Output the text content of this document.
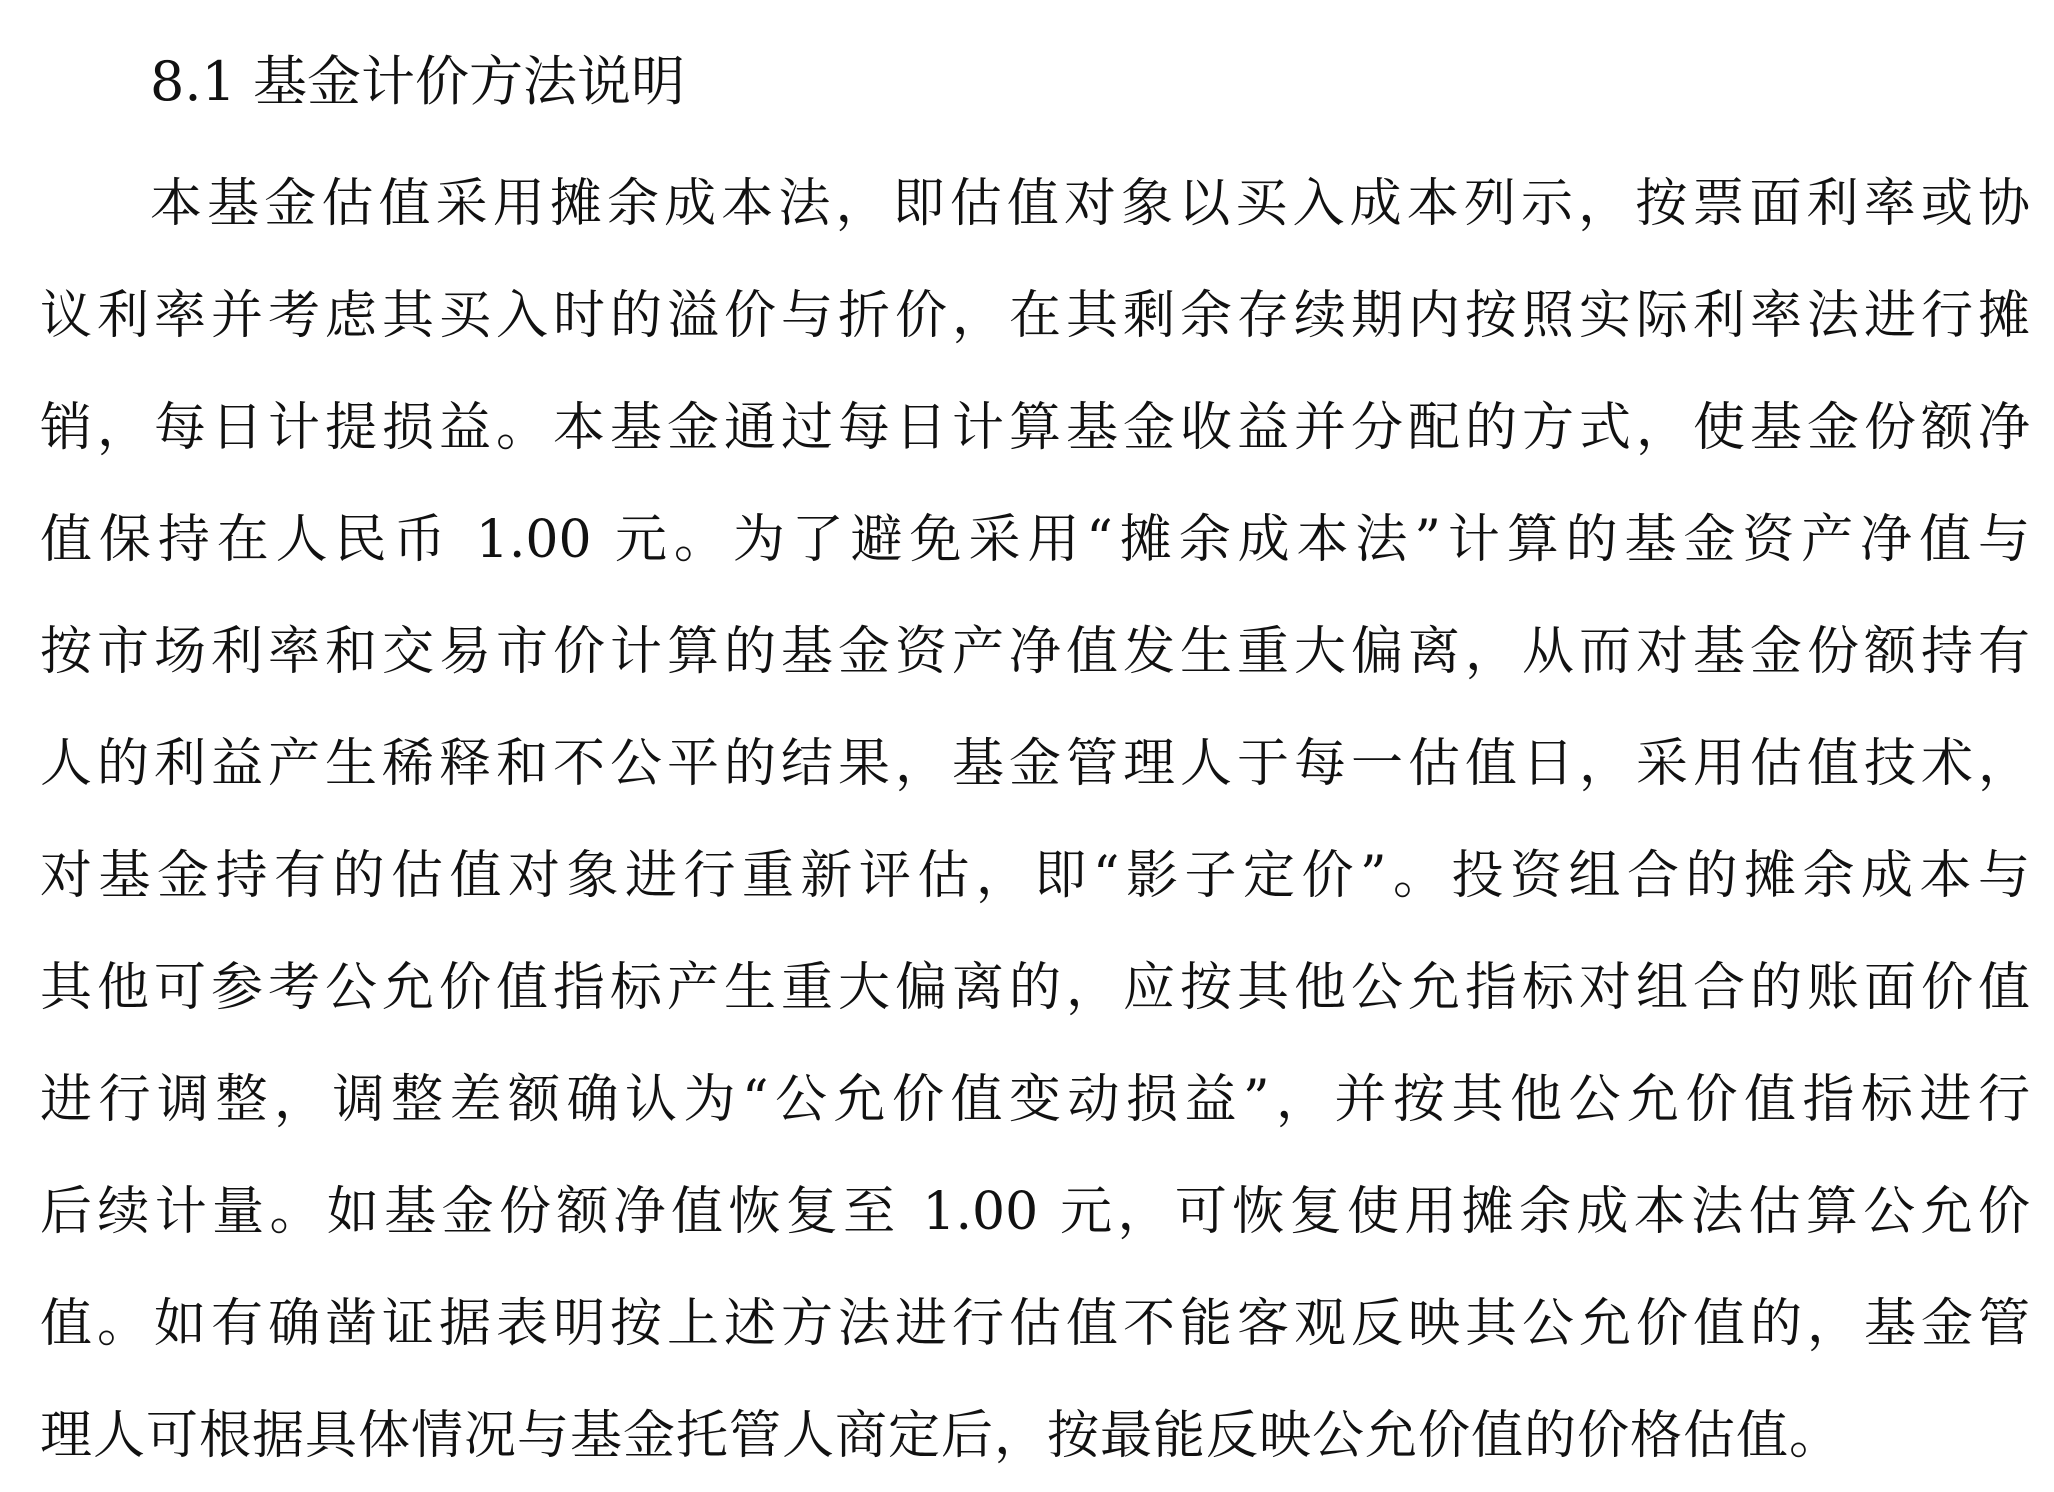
8.1 基金计价方法说明
本基金估值采用摊余成本法，即估值对象以买入成本列示，按票面利率或协
议利率并考虑其买入时的溢价与折价，在其剩余存续期内按照实际利率法进行摊
销，每日计提损益。本基金通过每日计算基金收益并分配的方式，使基金份额净
值保持在人民币 1.00 元。为了避免采用“摊余成本法”计算的基金资产净值与
按市场利率和交易市价计算的基金资产净值发生重大偏离，从而对基金份额持有
人的利益产生稀释和不公平的结果，基金管理人于每一估值日，采用估值技术，
对基金持有的估值对象进行重新评估，即“影子定价”。投资组合的摊余成本与
其他可参考公允价值指标产生重大偏离的，应按其他公允指标对组合的账面价值
进行调整，调整差额确认为“公允价值变动损益”，并按其他公允价值指标进行
后续计量。如基金份额净值恢复至 1.00 元，可恢复使用摊余成本法估算公允价
值。如有确凿证据表明按上述方法进行估值不能客观反映其公允价值的，基金管
理人可根据具体情况与基金托管人商定后，按最能反映公允价值的价格估值。
